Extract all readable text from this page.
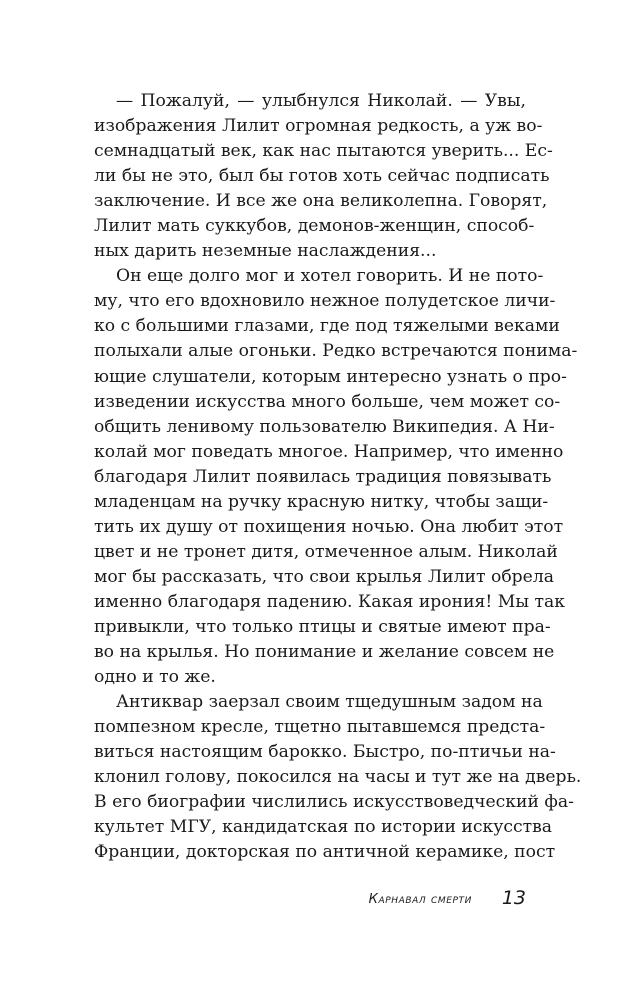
— Пожалуй, — улыбнулся Николай. — Увы,
изображения Лилит огромная редкость, а уж во-
семнадцатый век, как нас пытаются уверить... Ес-
ли бы не это, был бы готов хоть сейчас подписать
заключение. И все же она великолепна. Говорят,
Лилит мать суккубов, демонов-женщин, способ-
ных дарить неземные наслаждения...
Он еще долго мог и хотел говорить. И не пото-
му, что его вдохновило нежное полудетское личи-
ко с большими глазами, где под тяжелыми веками
полыхали алые огоньки. Редко встречаются понима-
ющие слушатели, которым интересно узнать о про-
изведении искусства много больше, чем может со-
общить ленивому пользователю Википедия. А Ни-
колай мог поведать многое. Например, что именно
благодаря Лилит появилась традиция повязывать
младенцам на ручку красную нитку, чтобы защи-
тить их душу от похищения ночью. Она любит этот
цвет и не тронет дитя, отмеченное алым. Николай
мог бы рассказать, что свои крылья Лилит обрела
именно благодаря падению. Какая ирония! Мы так
привыкли, что только птицы и святые имеют пра-
во на крылья. Но понимание и желание совсем не
одно и то же.
Антиквар заерзал своим тщедушным задом на
помпезном кресле, тщетно пытавшемся предста-
виться настоящим барокко. Быстро, по-птичьи на-
клонил голову, покосился на часы и тут же на дверь.
В его биографии числились искусствоведческий фа-
культет МГУ, кандидатская по истории искусства
Франции, докторская по античной керамике, пост
Карнавал смерти 13
